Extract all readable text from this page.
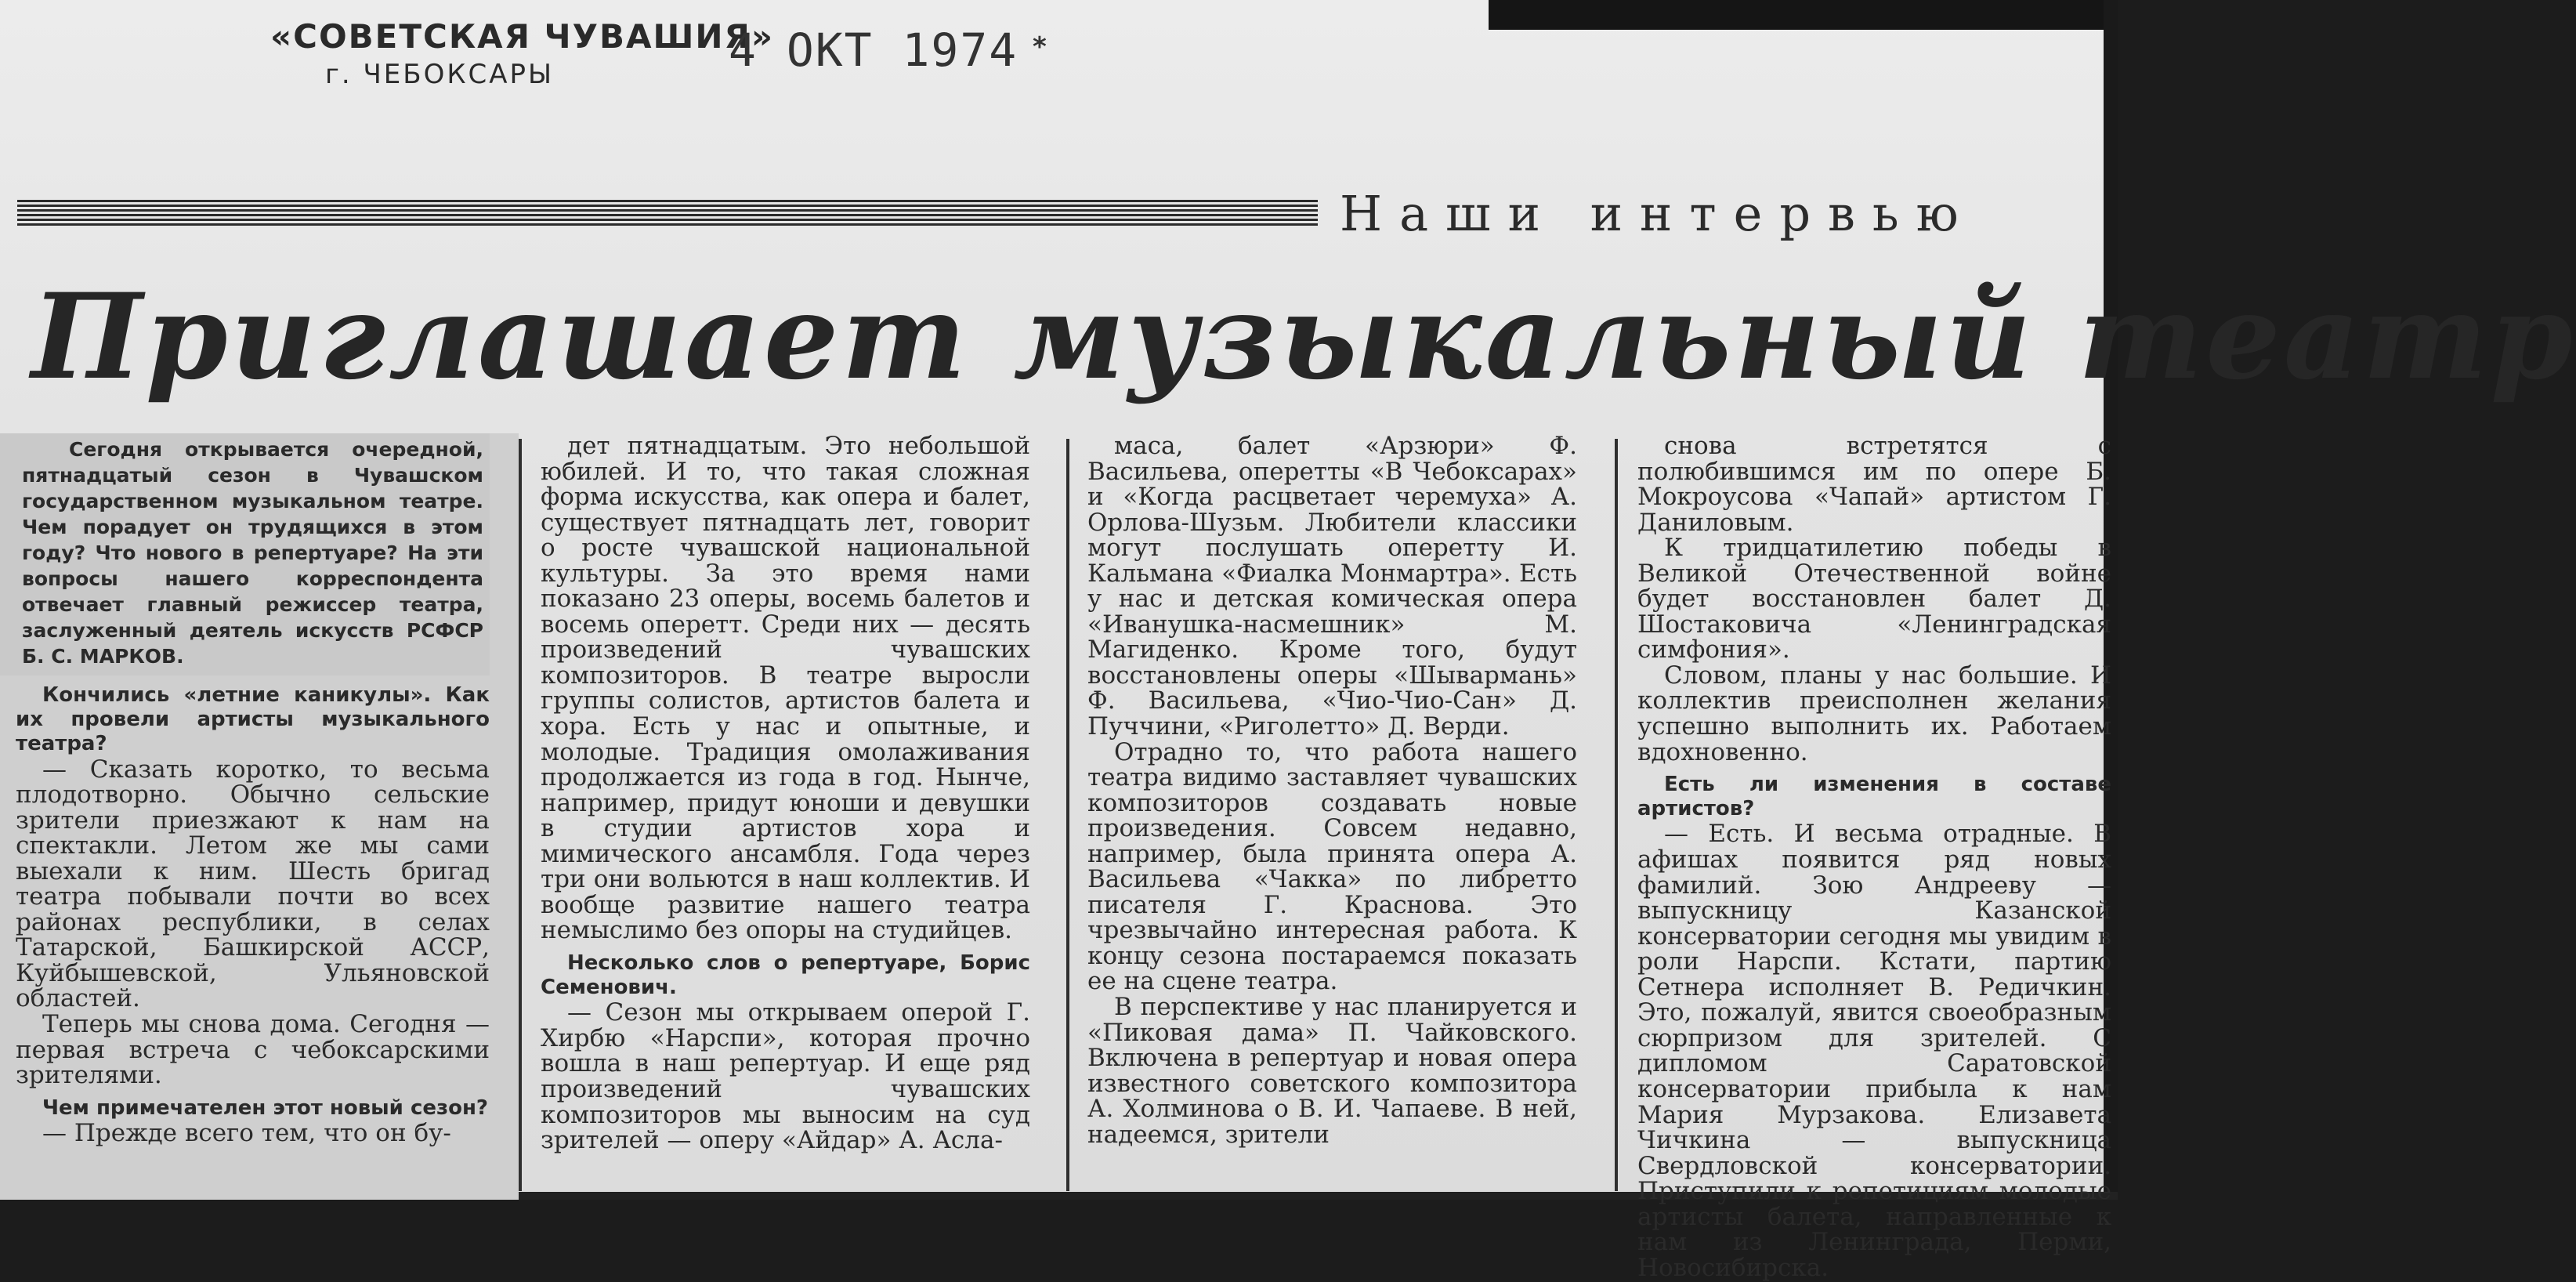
«СОВЕТСКАЯ ЧУВАШИЯ»
г. ЧЕБОКСАРЫ	4 ОКТ 1974 *
Наши интервью
Приглашает музыкальный театр

Сегодня открывается очередной, пятнадцатый сезон в Чувашском государственном музыкальном театре. Чем порадует он трудящихся в этом году? Что нового в репертуаре? На эти вопросы нашего корреспондента отвечает главный режиссер театра, заслуженный деятель искусств РСФСР Б. С. МАРКОВ.

Кончились «летние каникулы». Как их провели артисты музыкального театра?

— Сказать коротко, то весьма плодотворно. Обычно сельские зрители приезжают к нам на спектакли. Летом же мы сами выехали к ним. Шесть бригад театра побывали почти во всех районах республики, в селах Татарской, Башкирской АССР, Куйбышевской, Ульяновской областей.

Теперь мы снова дома. Сегодня — первая встреча с чебоксарскими зрителями.

Чем примечателен этот новый сезон?

— Прежде всего тем, что он бу-

дет пятнадцатым. Это небольшой юбилей. И то, что такая сложная форма искусства, как опера и балет, существует пятнадцать лет, говорит о росте чувашской национальной культуры. За это время нами показано 23 оперы, восемь балетов и восемь оперетт. Среди них — десять произведений чувашских композиторов. В театре выросли группы солистов, артистов балета и хора. Есть у нас и опытные, и молодые. Традиция омолаживания продолжается из года в год. Нынче, например, придут юноши и девушки в студии артистов хора и мимического ансамбля. Года через три они вольются в наш коллектив. И вообще развитие нашего театра немыслимо без опоры на студийцев.

Несколько слов о репертуаре, Борис Семенович.

— Сезон мы открываем оперой Г. Хирбю «Нарспи», которая прочно вошла в наш репертуар. И еще ряд произведений чувашских композиторов мы выносим на суд зрителей — оперу «Айдар» А. Асла-

маса, балет «Арзюри» Ф. Васильева, оперетты «В Чебоксарах» и «Когда расцветает черемуха» А. Орлова-Шузьм. Любители классики могут послушать оперетту И. Кальмана «Фиалка Монмартра». Есть у нас и детская комическая опера «Иванушка-насмешник» М. Магиденко. Кроме того, будут восстановлены оперы «Шывармань» Ф. Васильева, «Чио-Чио-Сан» Д. Пуччини, «Риголетто» Д. Верди.

Отрадно то, что работа нашего театра видимо заставляет чувашских композиторов создавать новые произведения. Совсем недавно, например, была принята опера А. Васильева «Чакка» по либретто писателя Г. Краснова. Это чрезвычайно интересная работа. К концу сезона постараемся показать ее на сцене театра.

В перспективе у нас планируется и «Пиковая дама» П. Чайковского. Включена в репертуар и новая опера известного советского композитора А. Холминова о В. И. Чапаеве. В ней, надеемся, зрители

снова встретятся с полюбившимся им по опере Б. Мокроусова «Чапай» артистом Г. Даниловым.

К тридцатилетию победы в Великой Отечественной войне будет восстановлен балет Д. Шостаковича «Ленинградская симфония».

Словом, планы у нас большие. И коллектив преисполнен желания успешно выполнить их. Работаем вдохновенно.

Есть ли изменения в составе артистов?

— Есть. И весьма отрадные. В афишах появится ряд новых фамилий. Зою Андрееву — выпускницу Казанской консерватории сегодня мы увидим в роли Нарспи. Кстати, партию Сетнера исполняет В. Редичкин. Это, пожалуй, явится своеобразным сюрпризом для зрителей. С дипломом Саратовской консерватории прибыла к нам Мария Мурзакова. Елизавета Чичкина — выпускница Свердловской консерватории. Приступили к репетициям молодые артисты балета, направленные к нам из Ленинграда, Перми, Новосибирска.
